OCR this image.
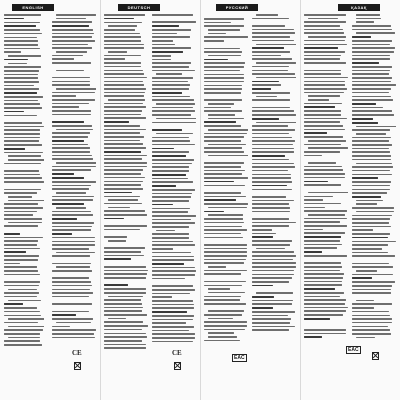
ENGLISH	DEUTSCH	РУССКИЙ	ҚАЗАҚ
CE	CE
EAC
EAC
